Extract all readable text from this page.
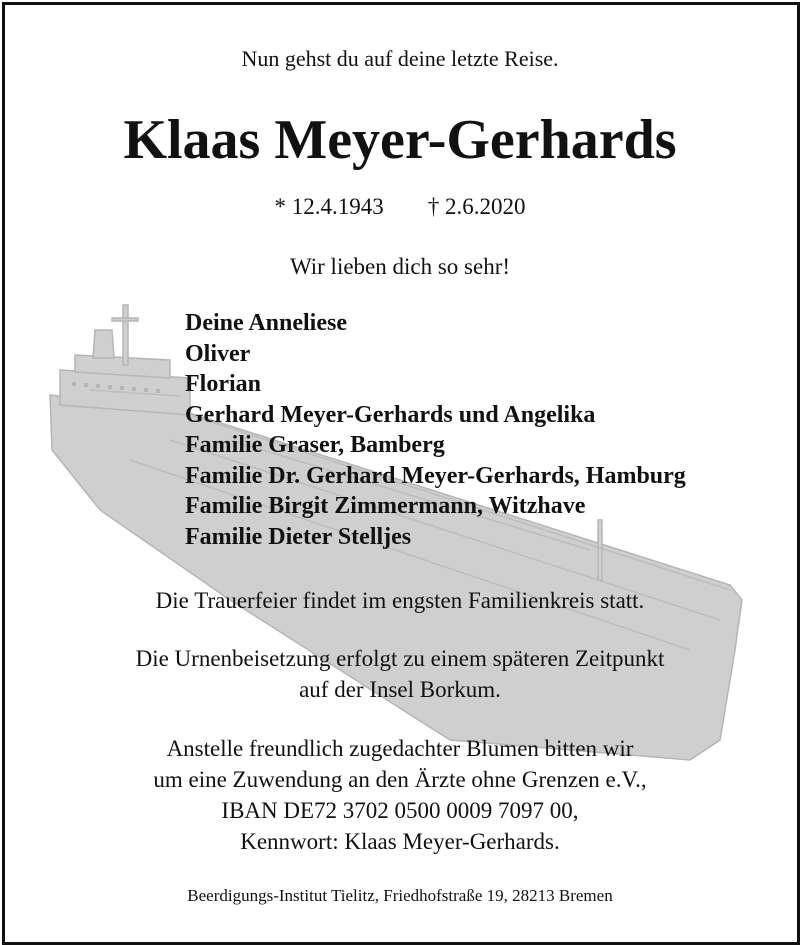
Nun gehst du auf deine letzte Reise.
Klaas Meyer-Gerhards
* 12.4.1943 † 2.6.2020
Wir lieben dich so sehr!
Deine Anneliese
Oliver
Florian
Gerhard Meyer-Gerhards und Angelika
Familie Graser, Bamberg
Familie Dr. Gerhard Meyer-Gerhards, Hamburg
Familie Birgit Zimmermann, Witzhave
Familie Dieter Stelljes
Die Trauerfeier findet im engsten Familienkreis statt.
Die Urnenbeisetzung erfolgt zu einem späteren Zeitpunkt
auf der Insel Borkum.
Anstelle freundlich zugedachter Blumen bitten wir
um eine Zuwendung an den Ärzte ohne Grenzen e.V.,
IBAN DE72 3702 0500 0009 7097 00,
Kennwort: Klaas Meyer-Gerhards.
Beerdigungs-Institut Tielitz, Friedhofstraße 19, 28213 Bremen
